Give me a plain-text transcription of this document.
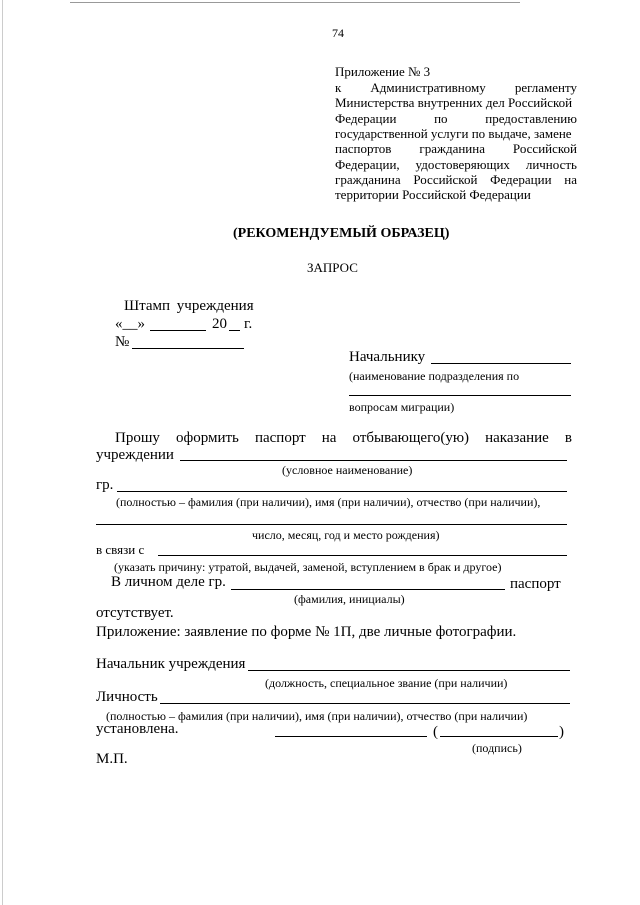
74
Приложение № 3
к Административному регламенту
Министерства внутренних дел Российской
Федерации	по	предоставлению
государственной услуги по выдаче, замене
паспортов гражданина Российской
Федерации, удостоверяющих личность
гражданина Российской Федерации на
территории Российской Федерации
(РЕКОМЕНДУЕМЫЙ ОБРАЗЕЦ)
ЗАПРОС
Штамп учреждения
«__»	20 г.
№
Начальнику
(наименование подразделения по
вопросам миграции)
Прошу оформить паспорт на отбывающего(ую) наказание в
учреждении
(условное наименование)
гр.
(полностью – фамилия (при наличии), имя (при наличии), отчество (при наличии),
число, месяц, год и место рождения)
в связи с
(указать причину: утратой, выдачей, заменой, вступлением в брак и другое)
В личном деле гр.	паспорт
(фамилия, инициалы)
отсутствует.
Приложение: заявление по форме № 1П, две личные фотографии.
Начальник учреждения
(должность, специальное звание (при наличии)
Личность
(полностью – фамилия (при наличии), имя (при наличии), отчество (при наличии)
установлена.	(	)
(подпись)
М.П.
